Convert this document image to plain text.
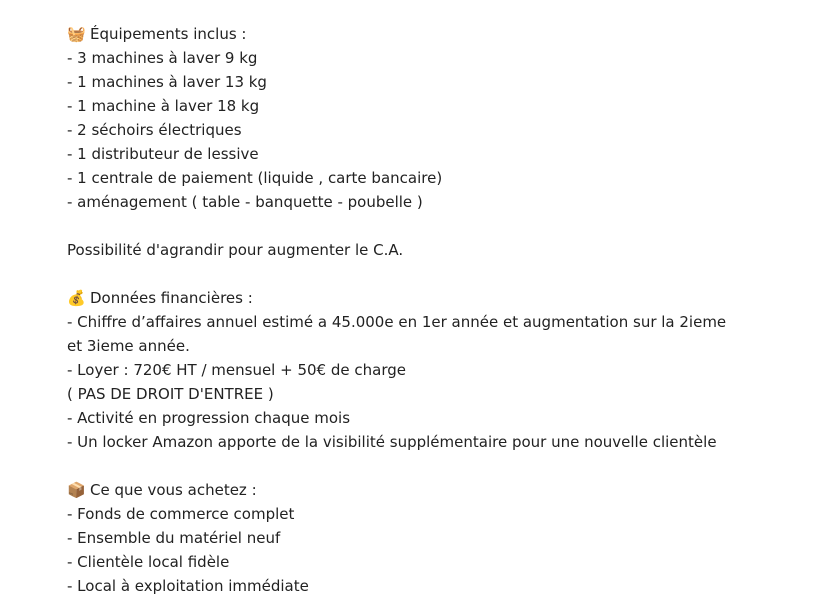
🧺 Équipements inclus :
- 3 machines à laver 9 kg
- 1 machines à laver 13 kg
- 1 machine à laver 18 kg
- 2 séchoirs électriques
- 1 distributeur de lessive
- 1 centrale de paiement (liquide , carte bancaire)
- aménagement ( table - banquette - poubelle )
Possibilité d'agrandir pour augmenter le C.A.
💰 Données financières :
- Chiffre d’affaires annuel estimé a 45.000e en 1er année et augmentation sur la 2ieme et 3ieme année.
- Loyer : 720€ HT / mensuel + 50€ de charge
( PAS DE DROIT D'ENTREE )
- Activité en progression chaque mois
- Un locker Amazon apporte de la visibilité supplémentaire pour une nouvelle clientèle
📦 Ce que vous achetez :
- Fonds de commerce complet
- Ensemble du matériel neuf
- Clientèle local fidèle
- Local à exploitation immédiate
